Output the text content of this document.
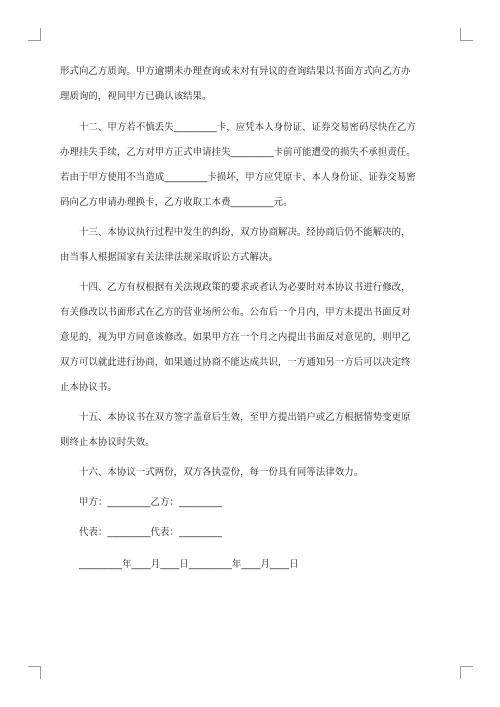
形式向乙方质询。甲方逾期未办理查询或未对有异议的查询结果以书面方式向乙方办
理质询的，视同甲方已确认该结果。
十二、甲方若不慎丢失_________卡，应凭本人身份证、证券交易密码尽快在乙方
办理挂失手续，乙方对甲方正式申请挂失_________卡前可能遭受的损失不承担责任。
若由于甲方使用不当造成_________卡损坏，甲方应凭原卡、本人身份证、证券交易密
码向乙方申请办理换卡，乙方收取工本费_________元。
十三、本协议执行过程中发生的纠纷，双方协商解决。经协商后仍不能解决的，
由当事人根据国家有关法律法规采取诉讼方式解决。
十四、乙方有权根据有关法规政策的要求或者认为必要时对本协议书进行修改，
有关修改以书面形式在乙方的营业场所公布。公布后一个月内，甲方未提出书面反对
意见的，视为甲方同意该修改。如果甲方在一个月之内提出书面反对意见的，则甲乙
双方可以就此进行协商，如果通过协商不能达成共识，一方通知另一方后可以决定终
止本协议书。
十五、本协议书在双方签字盖章后生效，至甲方提出销户或乙方根据情势变更原
则终止本协议时失效。
十六、本协议一式两份，双方各执壹份，每一份具有同等法律效力。
甲方：_________乙方：_________
代表：_________代表：_________
_________年____月____日_________年____月____日
